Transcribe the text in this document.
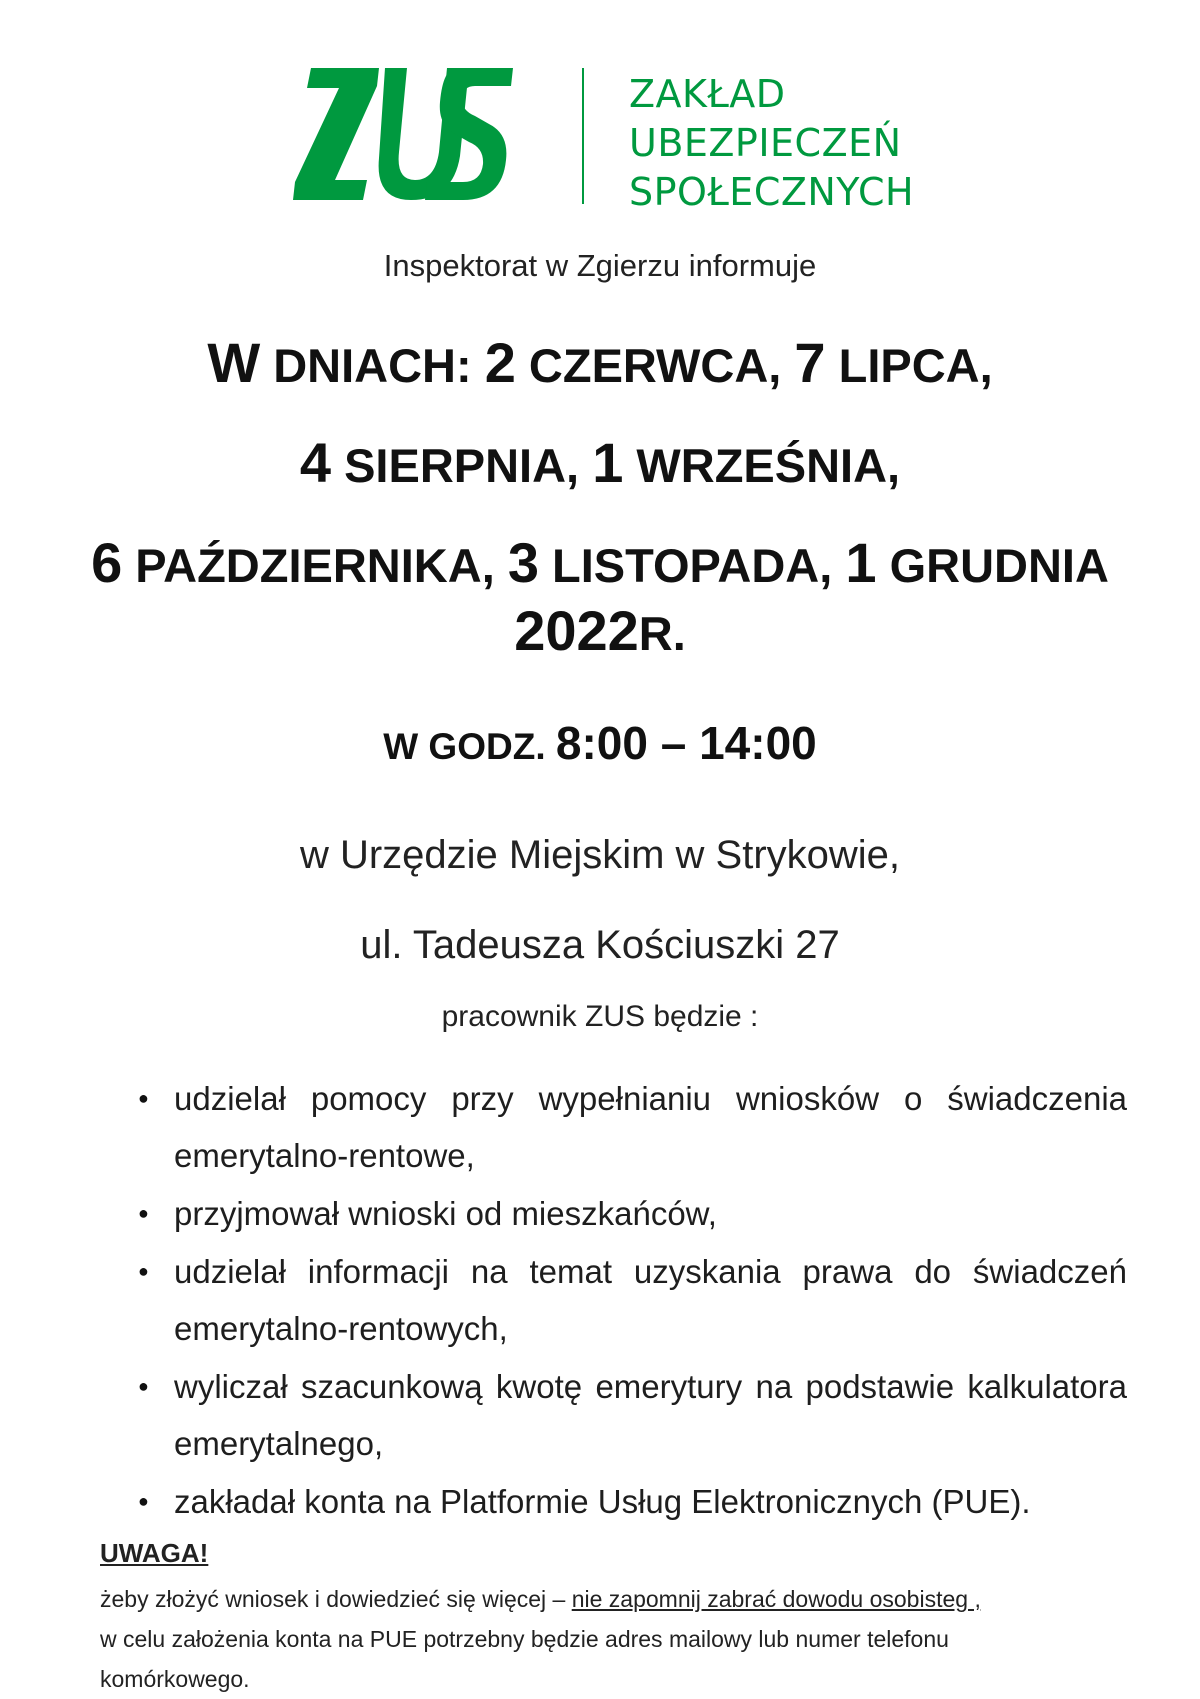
ZAKŁAD
UBEZPIECZEŃ
SPOŁECZNYCH
Inspektorat w Zgierzu informuje
W DNIACH: 2 CZERWCA, 7 LIPCA,
4 SIERPNIA, 1 WRZEŚNIA,
6 PAŹDZIERNIKA, 3 LISTOPADA, 1 GRUDNIA
2022R.
W GODZ. 8:00 – 14:00
w Urzędzie Miejskim w Strykowie,
ul. Tadeusza Kościuszki 27
pracownik ZUS będzie :
● udzielał pomocy przy wypełnianiu wniosków o świadczenia emerytalno-rentowe,
● przyjmował wnioski od mieszkańców,
● udzielał informacji na temat uzyskania prawa do świadczeń emerytalno-rentowych,
● wyliczał szacunkową kwotę emerytury na podstawie kalkulatora emerytalnego,
● zakładał konta na Platformie Usług Elektronicznych (PUE).
UWAGA!

żeby złożyć wniosek i dowiedzieć się więcej – nie zapomnij zabrać dowodu osobisteg ,

w celu założenia konta na PUE potrzebny będzie adres mailowy lub numer telefonu

komórkowego.
